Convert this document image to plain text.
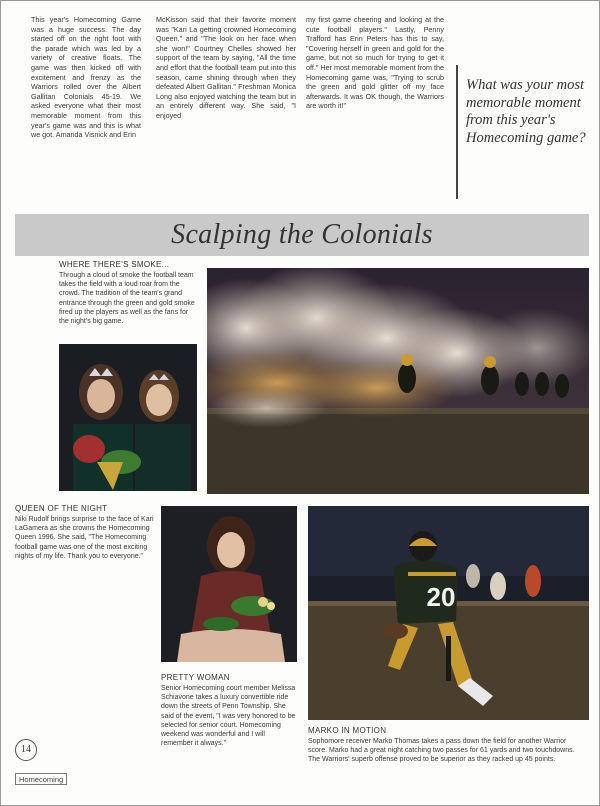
This year's Homecoming Game was a huge success. The day started off on the right foot with the parade which was led by a variety of creative floats. The game was then kicked off with excitement and frenzy as the Warriors rolled over the Albert Gallitan Colonials 45-19. We asked everyone what their most memorable moment from this year's game was and this is what we got. Amanda Visnick and Erin
McKisson said that their favorite moment was "Kari La getting crowned Homecoming Queen." and "The look on her face when she won!" Courtney Chelles showed her support of the team by saying, "All the time and effort that the football team put into this season, came shining through when they defeated Albert Gallitan." Freshman Monica Long also enjoyed watching the team but in an entirely different way. She said, "I enjoyed
my first game cheering and looking at the cute football players." Lastly, Penny Trafford has Erin Peters has this to say, "Covering herself in green and gold for the game, but not so much for trying to get it off." Her most memorable moment from the Homecoming game was, "Trying to scrub the green and gold glitter off my face afterwards. It was OK though, the Warriors are worth it!"
What was your most memorable moment from this year's Homecoming game?
Scalping the Colonials
WHERE THERE'S SMOKE...
Through a cloud of smoke the football team takes the field with a loud roar from the crowd. The tradition of the team's grand entrance through the green and gold smoke fired up the players as well as the fans for the night's big game.
QUEEN OF THE NIGHT
Niki Rudolf brings surprise to the face of Kari LaGamera as she crowns the Homecoming Queen 1996. She said, "The Homecoming football game was one of the most exciting nights of my life. Thank you to everyone."
20
PRETTY WOMAN
Senior Homecoming court member Melissa Schiavone takes a luxury convertible ride down the streets of Penn Township. She said of the event, "I was very honored to be selected for senior court. Homecoming weekend was wonderful and I will remember it always."
MARKO IN MOTION
Sophomore receiver Marko Thomas takes a pass down the field for another Warrior score. Marko had a great night catching two passes for 61 yards and two touchdowns. The Warriors' superb offense proved to be superior as they racked up 45 points.
14
Homecoming
